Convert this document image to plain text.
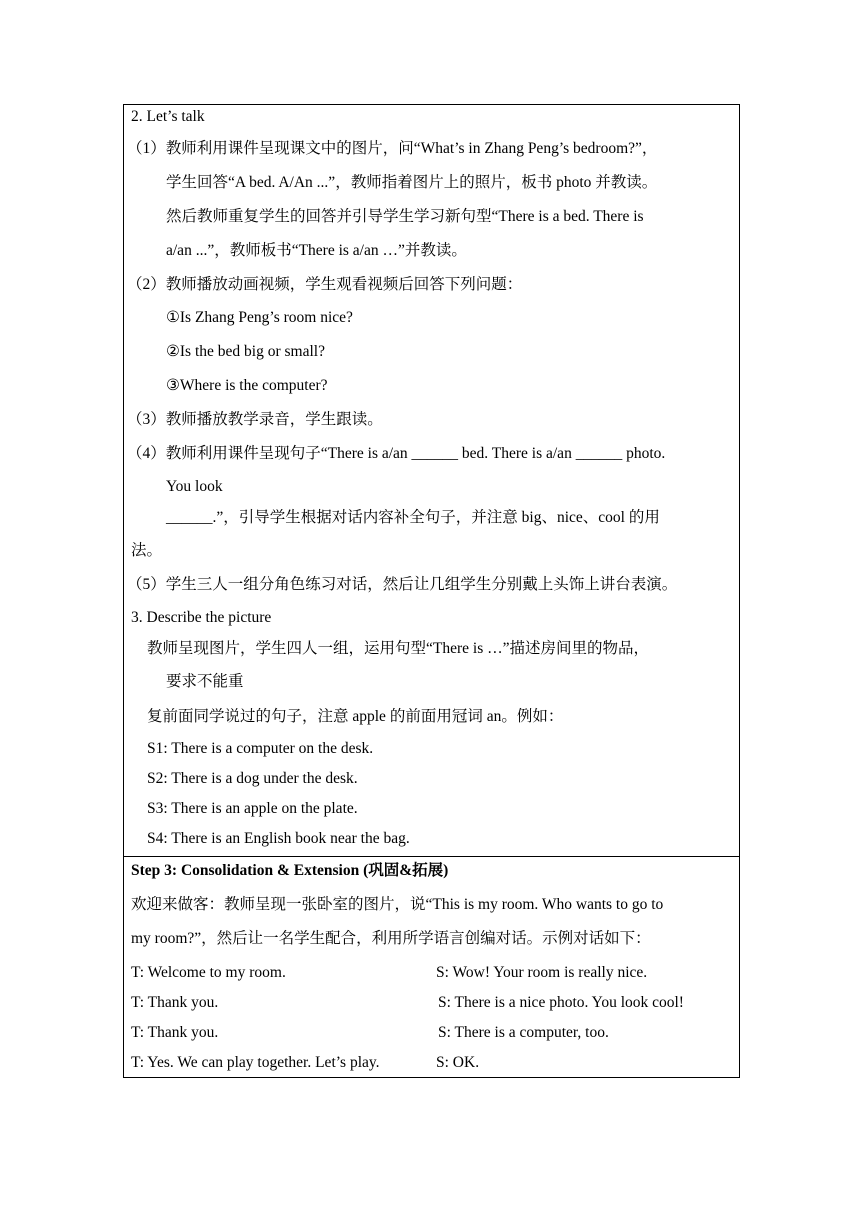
2. Let’s talk
（1）教师利用课件呈现课文中的图片，问“What’s in Zhang Peng’s bedroom?”，
学生回答“A bed. A/An ...”，教师指着图片上的照片，板书 photo 并教读。
然后教师重复学生的回答并引导学生学习新句型“There is a bed. There is
a/an ...”，教师板书“There is a/an …”并教读。
（2）教师播放动画视频，学生观看视频后回答下列问题：
①Is Zhang Peng’s room nice?
②Is the bed big or small?
③Where is the computer?
（3）教师播放教学录音，学生跟读。
（4）教师利用课件呈现句子“There is a/an ______ bed. There is a/an ______ photo.
You look
______.”，引导学生根据对话内容补全句子，并注意 big、nice、cool 的用
法。
（5）学生三人一组分角色练习对话，然后让几组学生分别戴上头饰上讲台表演。
3. Describe the picture
教师呈现图片，学生四人一组，运用句型“There is …”描述房间里的物品，
要求不能重
复前面同学说过的句子，注意 apple 的前面用冠词 an。例如：
S1: There is a computer on the desk.
S2: There is a dog under the desk.
S3: There is an apple on the plate.
S4: There is an English book near the bag.
Step 3: Consolidation & Extension (巩固&拓展)
欢迎来做客：教师呈现一张卧室的图片，说“This is my room. Who wants to go to
my room?”，然后让一名学生配合，利用所学语言创编对话。示例对话如下：
T: Welcome to my room.	S: Wow! Your room is really nice.
T: Thank you.	S: There is a nice photo. You look cool!
T: Thank you.	S: There is a computer, too.
T: Yes. We can play together. Let’s play.	S: OK.
